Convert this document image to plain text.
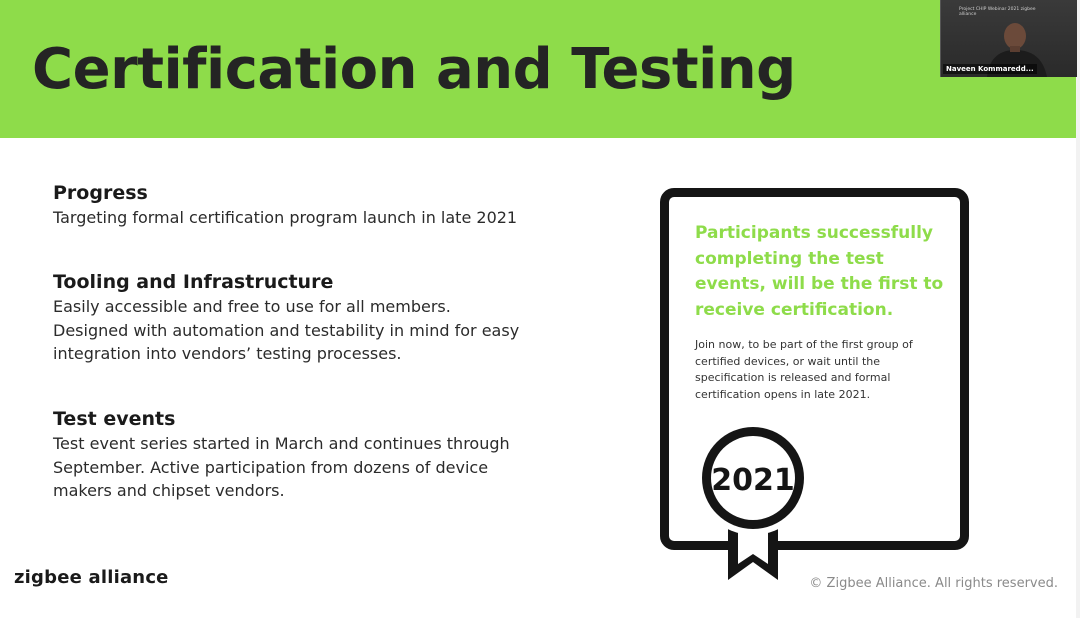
Certification and Testing
Progress

Targeting formal certification program launch in late 2021

Tooling and Infrastructure

Easily accessible and free to use for all members. Designed with automation and testability in mind for easy integration into vendors’ testing processes.

Test events

Test event series started in March and continues through September. Active participation from dozens of device makers and chipset vendors.

Participants successfully completing the test events, will be the first to receive certification.

Join now, to be part of the first group of certified devices, or wait until the specification is released and formal certification opens in late 2021.

2021
zigbee alliance	© Zigbee Alliance. All rights reserved.
Project CHIP Webinar 2021 zigbee alliance
Naveen Kommaredd...
